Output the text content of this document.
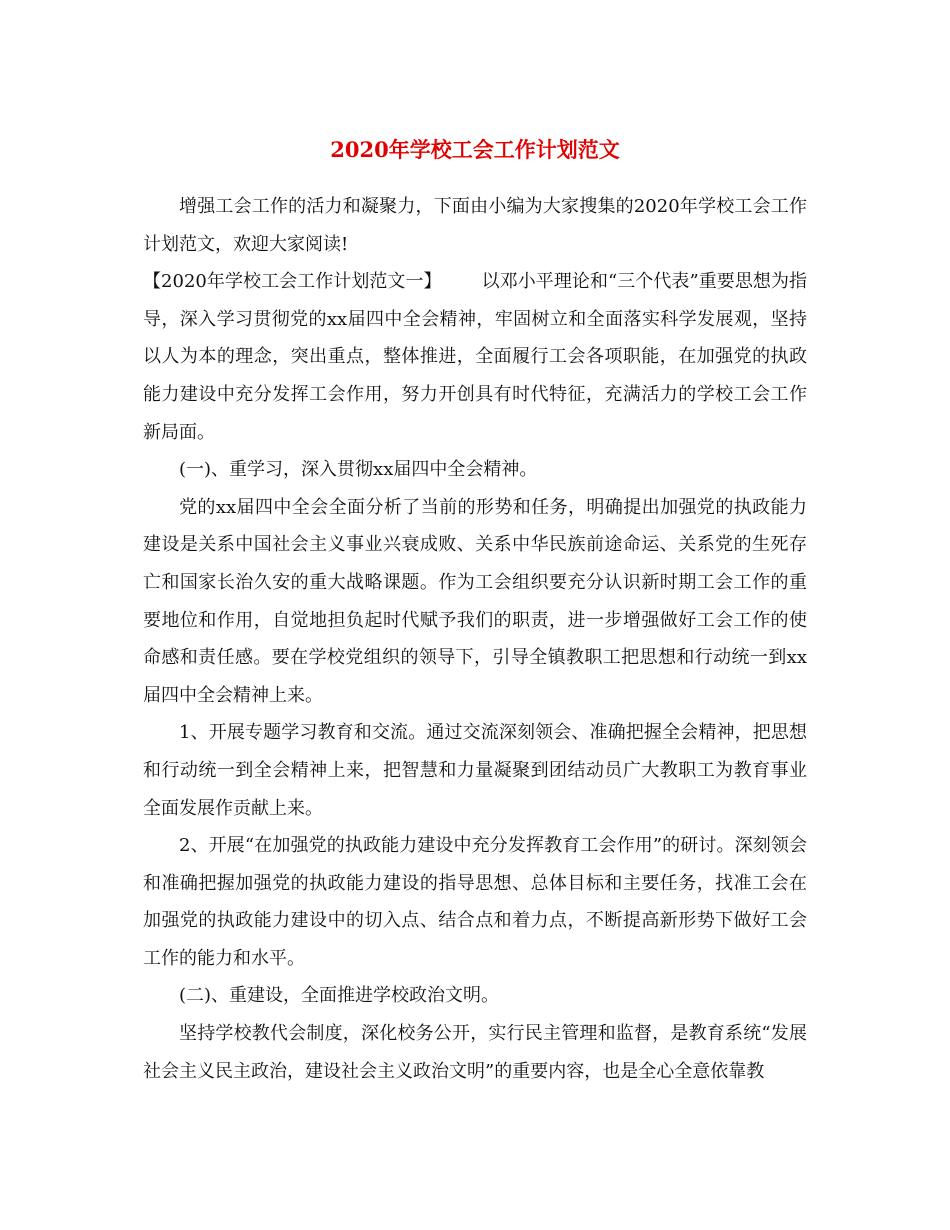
2020年学校工会工作计划范文

增强工会工作的活力和凝聚力，下面由小编为大家搜集的2020年学校工会工作计划范文，欢迎大家阅读!

【2020年学校工会工作计划范文一】 以邓小平理论和“三个代表”重要思想为指导，深入学习贯彻党的xx届四中全会精神，牢固树立和全面落实科学发展观，坚持以人为本的理念，突出重点，整体推进，全面履行工会各项职能，在加强党的执政能力建设中充分发挥工会作用，努力开创具有时代特征，充满活力的学校工会工作新局面。

(一)、重学习，深入贯彻xx届四中全会精神。

党的xx届四中全会全面分析了当前的形势和任务，明确提出加强党的执政能力建设是关系中国社会主义事业兴衰成败、关系中华民族前途命运、关系党的生死存亡和国家长治久安的重大战略课题。作为工会组织要充分认识新时期工会工作的重要地位和作用，自觉地担负起时代赋予我们的职责，进一步增强做好工会工作的使命感和责任感。要在学校党组织的领导下，引导全镇教职工把思想和行动统一到xx届四中全会精神上来。

1、开展专题学习教育和交流。通过交流深刻领会、准确把握全会精神，把思想和行动统一到全会精神上来，把智慧和力量凝聚到团结动员广大教职工为教育事业全面发展作贡献上来。

2、开展“在加强党的执政能力建设中充分发挥教育工会作用”的研讨。深刻领会和准确把握加强党的执政能力建设的指导思想、总体目标和主要任务，找准工会在加强党的执政能力建设中的切入点、结合点和着力点，不断提高新形势下做好工会工作的能力和水平。

(二)、重建设，全面推进学校政治文明。

坚持学校教代会制度，深化校务公开，实行民主管理和监督，是教育系统“发展社会主义民主政治，建设社会主义政治文明”的重要内容，也是全心全意依靠教
